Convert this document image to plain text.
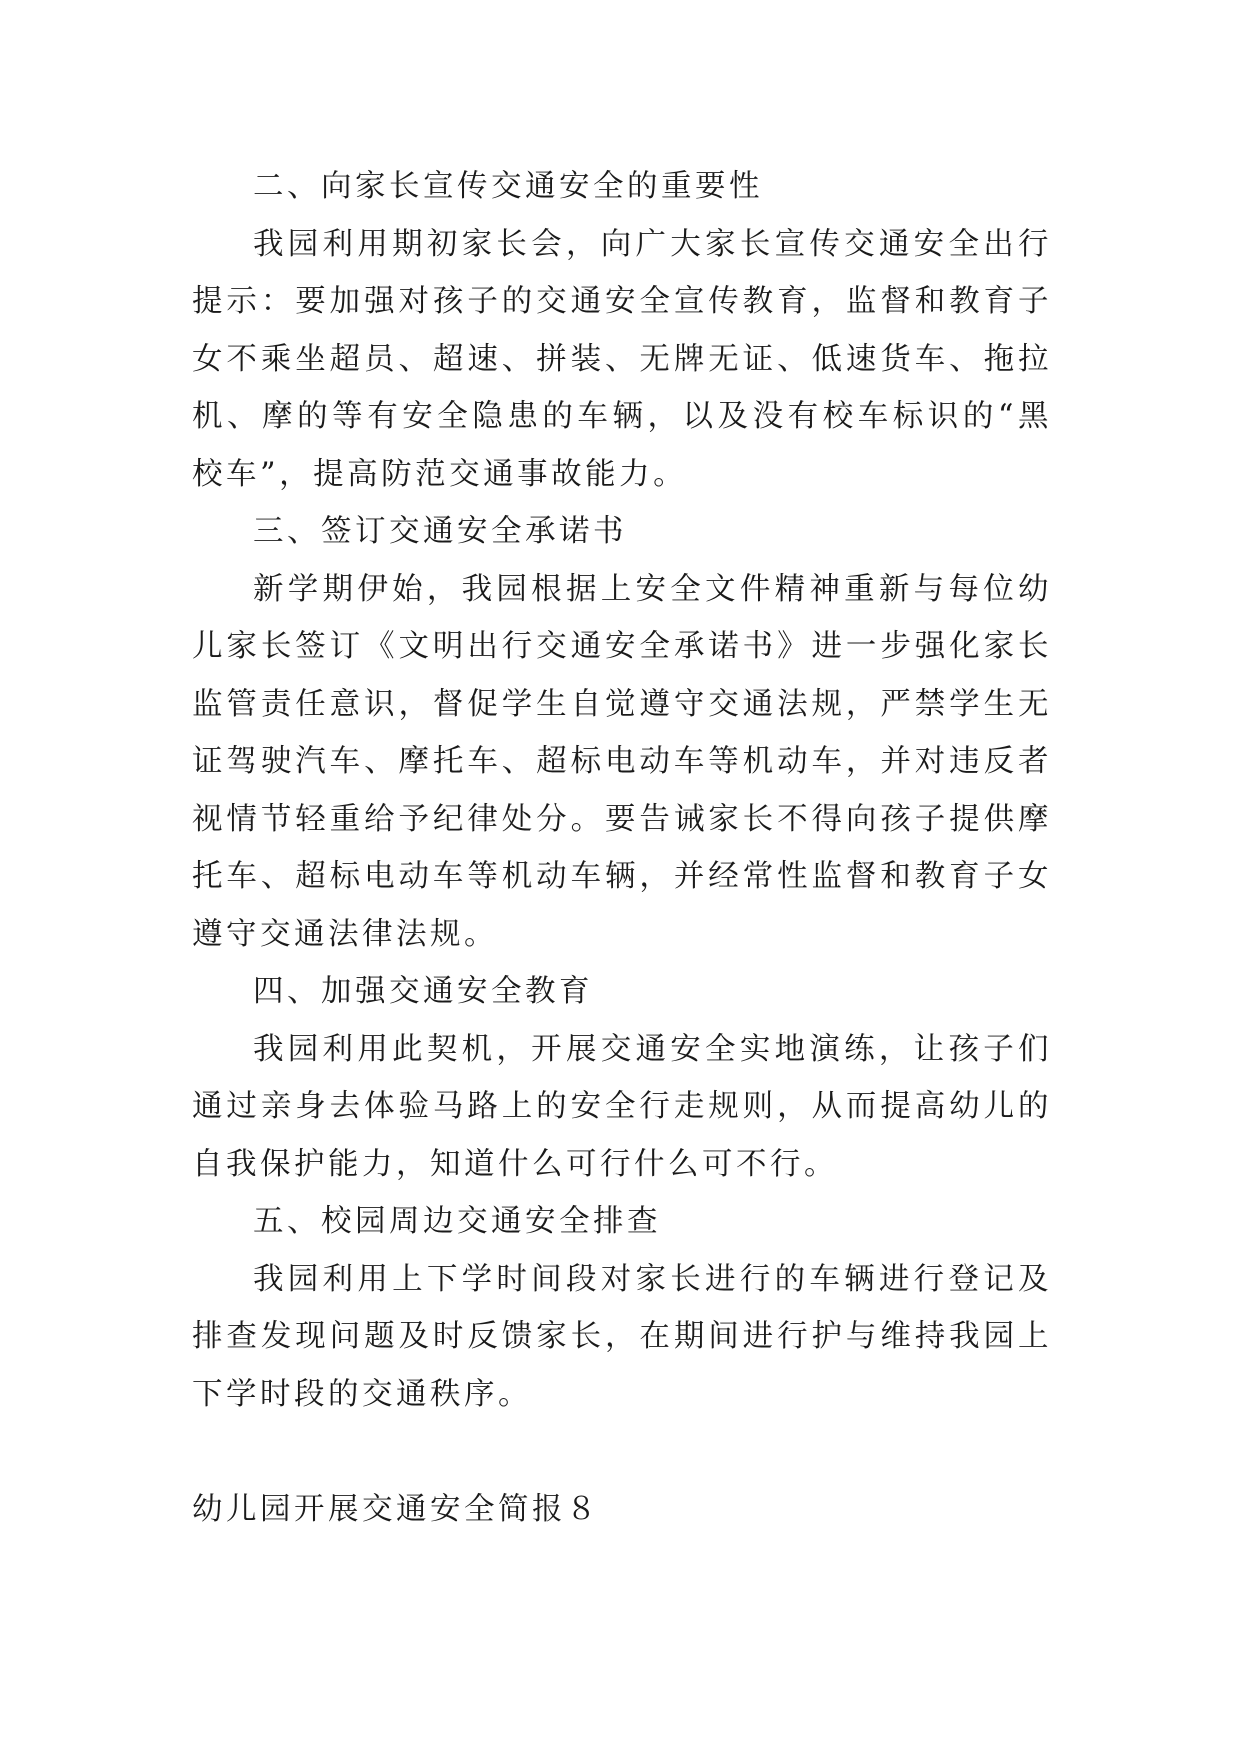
二、向家长宣传交通安全的重要性

我园利用期初家长会，向广大家长宣传交通安全出行提示：要加强对孩子的交通安全宣传教育，监督和教育子女不乘坐超员、超速、拼装、无牌无证、低速货车、拖拉机、摩的等有安全隐患的车辆，以及没有校车标识的“黑校车”，提高防范交通事故能力。

三、签订交通安全承诺书

新学期伊始，我园根据上安全文件精神重新与每位幼儿家长签订《文明出行交通安全承诺书》进一步强化家长监管责任意识，督促学生自觉遵守交通法规，严禁学生无证驾驶汽车、摩托车、超标电动车等机动车，并对违反者视情节轻重给予纪律处分。要告诫家长不得向孩子提供摩托车、超标电动车等机动车辆，并经常性监督和教育子女遵守交通法律法规。

四、加强交通安全教育

我园利用此契机，开展交通安全实地演练，让孩子们通过亲身去体验马路上的安全行走规则，从而提高幼儿的自我保护能力，知道什么可行什么可不行。

五、校园周边交通安全排查

我园利用上下学时间段对家长进行的车辆进行登记及排查发现问题及时反馈家长，在期间进行护与维持我园上下学时段的交通秩序。

幼儿园开展交通安全简报８
